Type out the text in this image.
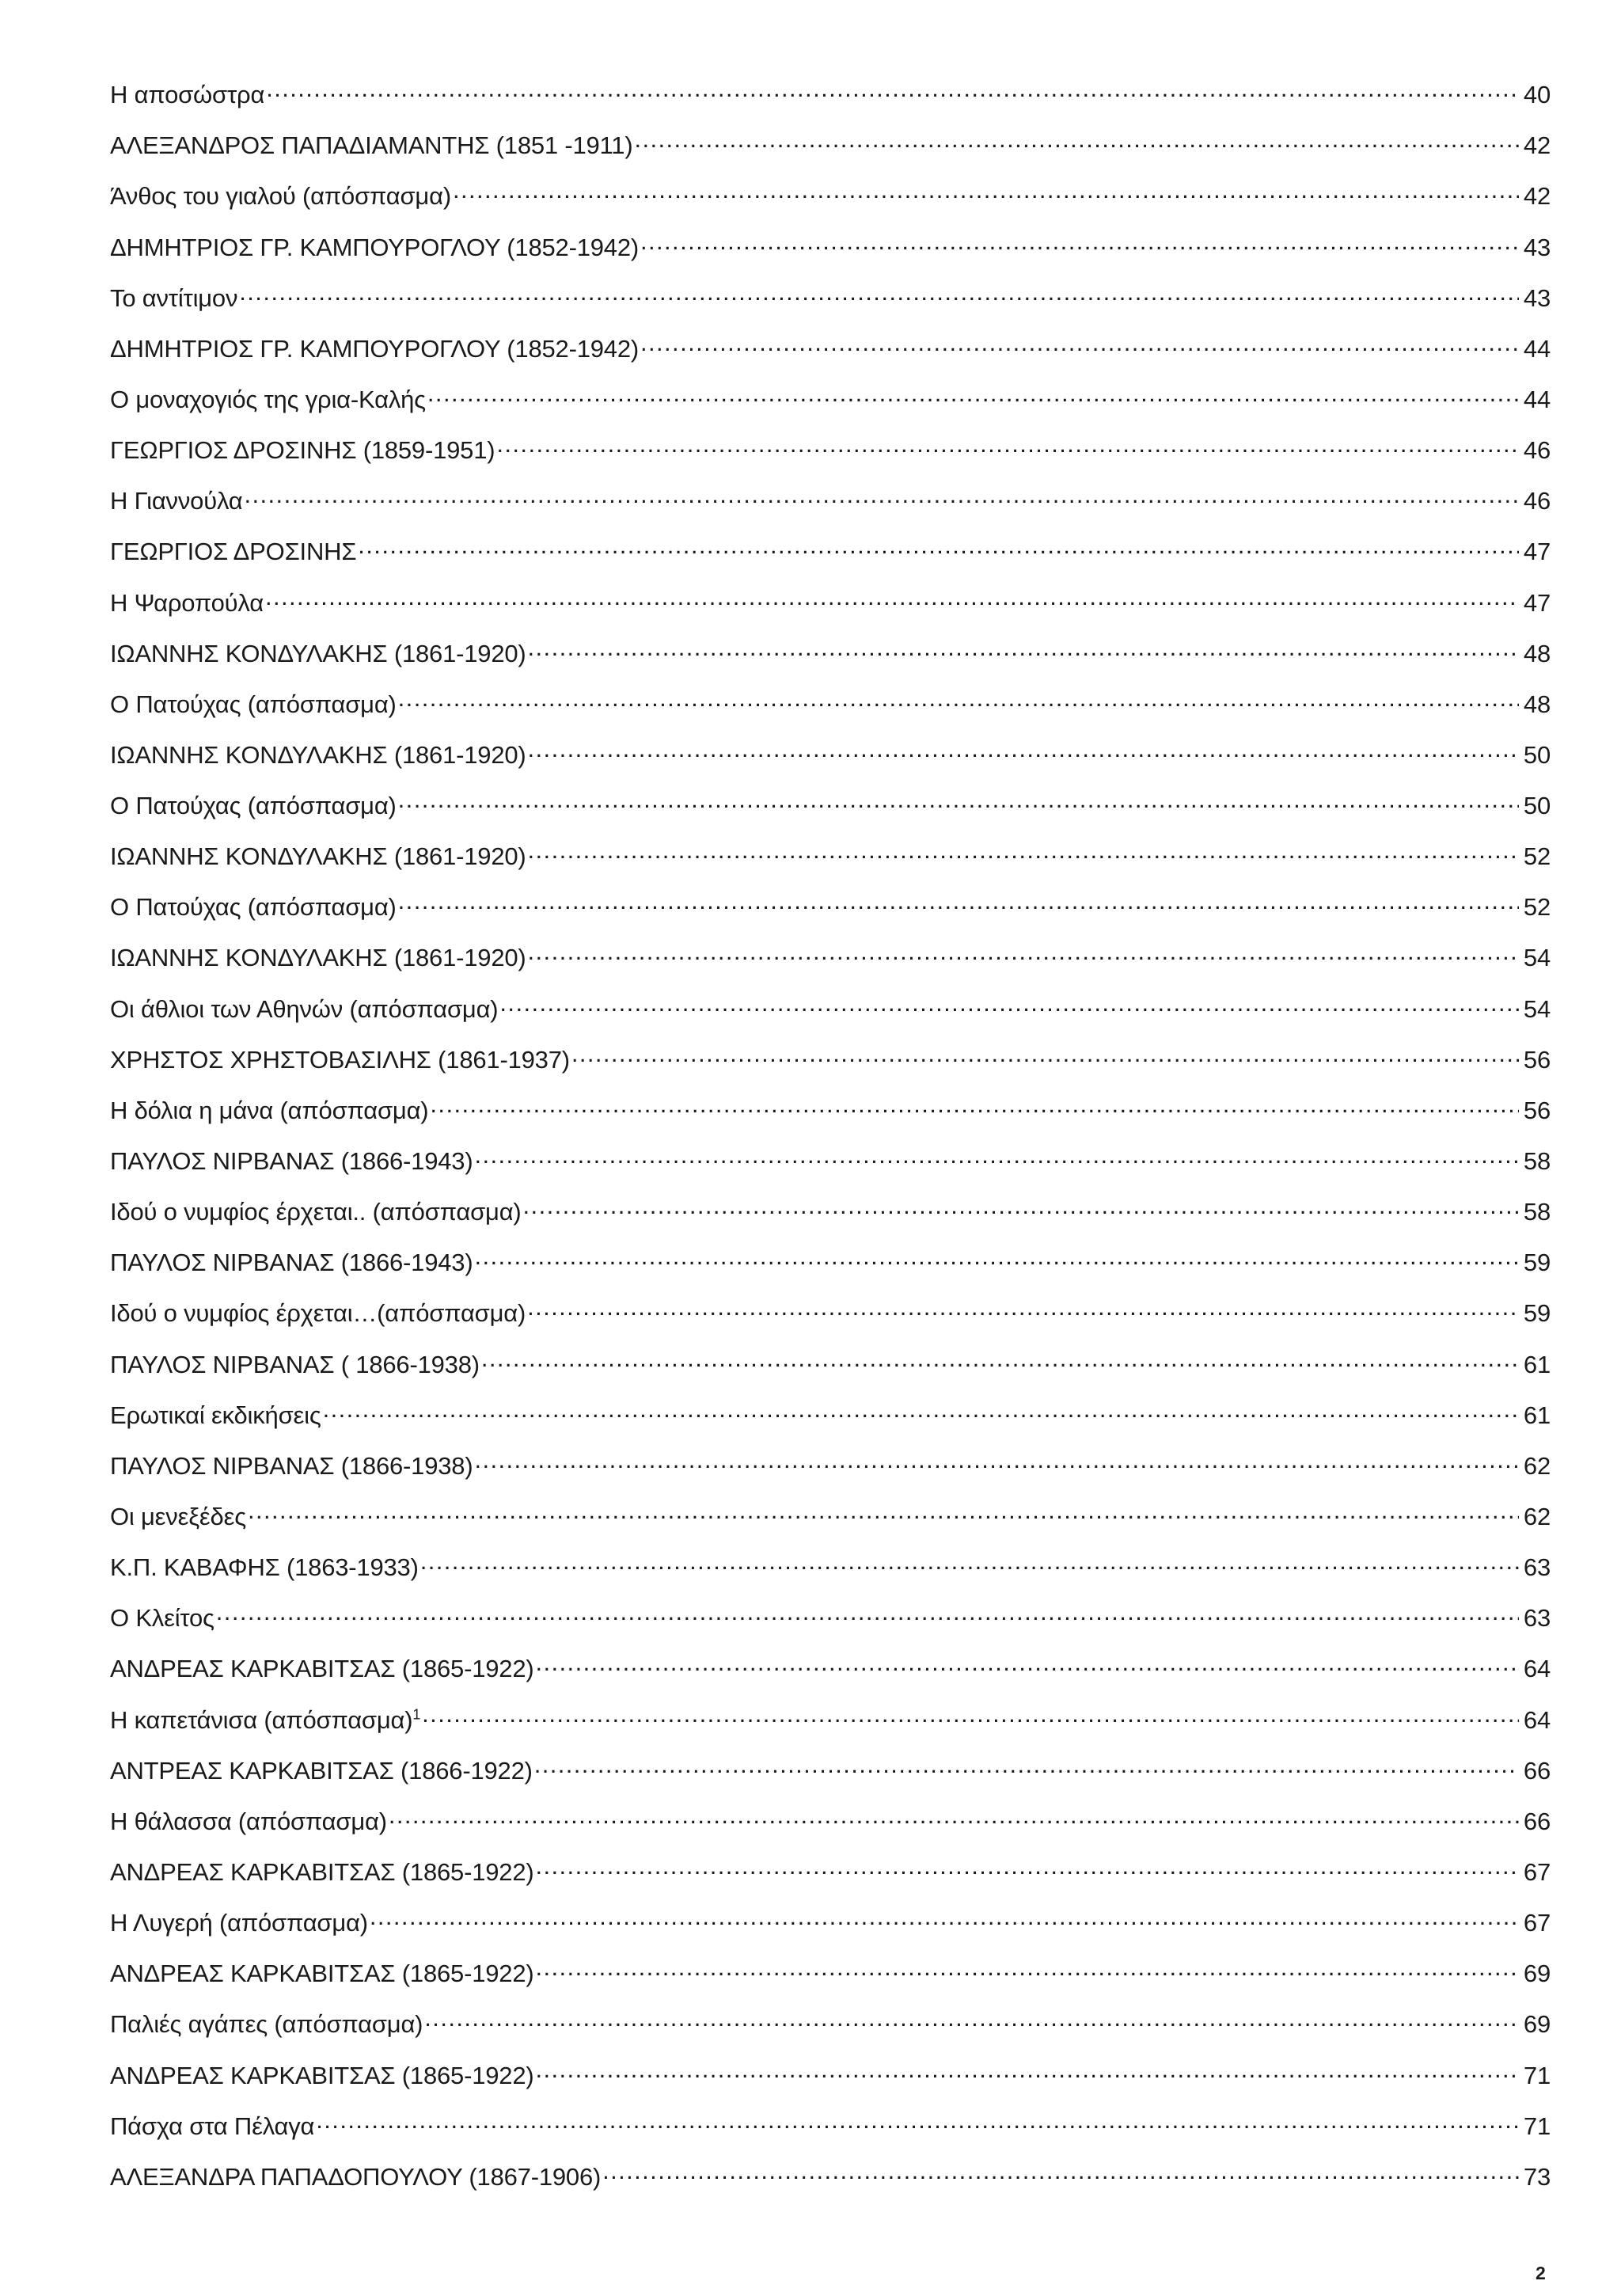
Η αποσώστρα .....	40
ΑΛΕΞΑΝΔΡΟΣ ΠΑΠΑΔΙΑΜΑΝΤΗΣ (1851 -1911) .....	42
Άνθος του γιαλού (απόσπασμα) .....	42
ΔΗΜΗΤΡΙΟΣ ΓΡ. ΚΑΜΠΟΥΡΟΓΛΟΥ (1852-1942) .....	43
Το αντίτιμον .....	43
ΔΗΜΗΤΡΙΟΣ ΓΡ. ΚΑΜΠΟΥΡΟΓΛΟΥ (1852-1942) .....	44
Ο μοναχογιός της γρια-Καλής .....	44
ΓΕΩΡΓΙΟΣ ΔΡΟΣΙΝΗΣ (1859-1951) .....	46
Η Γιαννούλα .....	46
ΓΕΩΡΓΙΟΣ ΔΡΟΣΙΝΗΣ .....	47
Η Ψαροπούλα .....	47
ΙΩΑΝΝΗΣ ΚΟΝΔΥΛΑΚΗΣ (1861-1920) .....	48
Ο Πατούχας (απόσπασμα) .....	48
ΙΩΑΝΝΗΣ ΚΟΝΔΥΛΑΚΗΣ (1861-1920) .....	50
Ο Πατούχας (απόσπασμα) .....	50
ΙΩΑΝΝΗΣ ΚΟΝΔΥΛΑΚΗΣ (1861-1920) .....	52
Ο Πατούχας (απόσπασμα) .....	52
ΙΩΑΝΝΗΣ ΚΟΝΔΥΛΑΚΗΣ (1861-1920) .....	54
Οι άθλιοι των Αθηνών (απόσπασμα) .....	54
ΧΡΗΣΤΟΣ ΧΡΗΣΤΟΒΑΣΙΛΗΣ (1861-1937) .....	56
Η δόλια η μάνα (απόσπασμα) .....	56
ΠΑΥΛΟΣ ΝΙΡΒΑΝΑΣ (1866-1943) .....	58
Ιδού ο νυμφίος έρχεται.. (απόσπασμα) .....	58
ΠΑΥΛΟΣ ΝΙΡΒΑΝΑΣ (1866-1943) .....	59
Ιδού ο νυμφίος έρχεται…(απόσπασμα) .....	59
ΠΑΥΛΟΣ ΝΙΡΒΑΝΑΣ ( 1866-1938) .....	61
Ερωτικαί εκδικήσεις .....	61
ΠΑΥΛΟΣ ΝΙΡΒΑΝΑΣ (1866-1938) .....	62
Οι μενεξέδες .....	62
Κ.Π. ΚΑΒΑΦΗΣ (1863-1933) .....	63
Ο Κλείτος .....	63
ΑΝΔΡΕΑΣ ΚΑΡΚΑΒΙΤΣΑΣ (1865-1922) .....	64
Η καπετάνισα $(\alpha\pi ό\sigma\pi\alpha\sigma\mu\alpha)^1$ .....	64
ΑΝΤΡΕΑΣ ΚΑΡΚΑΒΙΤΣΑΣ (1866-1922) .....	66
Η θάλασσα (απόσπασμα) .....	66
ΑΝΔΡΕΑΣ ΚΑΡΚΑΒΙΤΣΑΣ (1865-1922) .....	67
Η Λυγερή (απόσπασμα) .....	67
ΑΝΔΡΕΑΣ ΚΑΡΚΑΒΙΤΣΑΣ (1865-1922) .....	69
Παλιές αγάπες (απόσπασμα) .....	69
ΑΝΔΡΕΑΣ ΚΑΡΚΑΒΙΤΣΑΣ (1865-1922) .....	71
Πάσχα στα Πέλαγα .....	71
ΑΛΕΞΑΝΔΡΑ ΠΑΠΑΔΟΠΟΥΛΟΥ (1867-1906) .....	73
2
